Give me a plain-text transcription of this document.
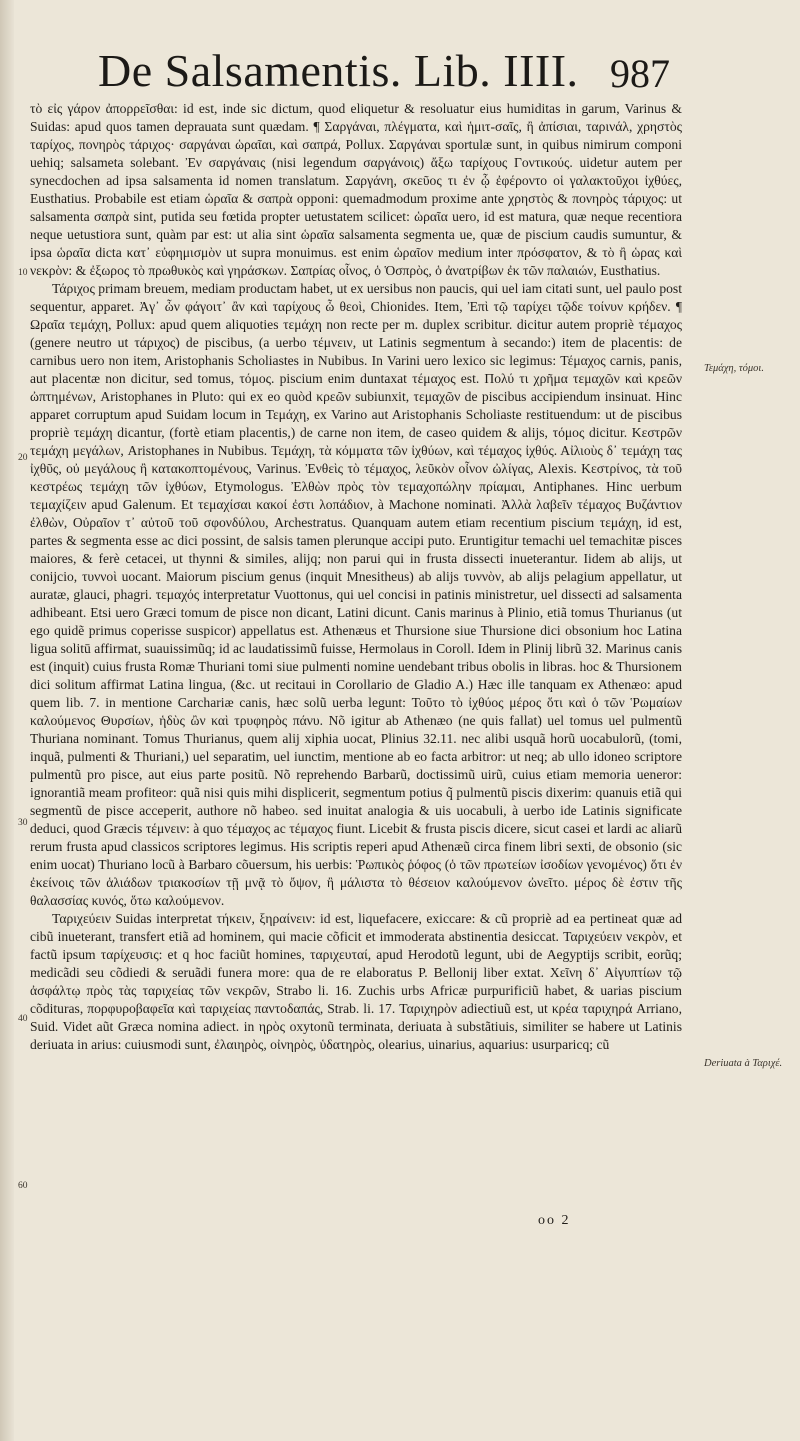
De Salsamentis. Lib. IIII. 987

τὸ εἰς γάρον ἀπορρεῖσθαι: id est, inde sic dictum, quod eliquetur & resoluatur eius humiditas in garum, Varinus & Suidas: apud quos tamen deprauata sunt quædam. ¶ Σαργάναι, πλέγματα, καὶ ἡμιτ-σαῖς, ἢ ἀπίσιαι, ταρινάλ, χρηστὸς ταρίχος, πονηρὸς τάριχος· σαργάναι ὡραῖαι, καὶ σαπρά, Pollux. Σαργάναι sportulæ sunt, in quibus nimirum componi uehiq; salsameta solebant. Ἐν σαργάναις (nisi legendum σαργάνοις) ἄξω ταρίχους Γοντικούς. uidetur autem per synecdochen ad ipsa salsamenta id nomen translatum. Σαργάνη, σκεῦος τι ἐν ᾧ ἐφέροντο οἱ γαλακτοῦχοι ἰχθύες, Eusthatius. Probabile est etiam ὡραῖα & σαπρὰ opponi: quemadmodum proxime ante χρηστὸς & πονηρὸς τάριχος: ut salsamenta σαπρὰ sint, putida seu fœtida propter uetustatem scilicet: ὡραῖα uero, id est matura, quæ neque recentiora neque uetustiora sunt, quàm par est: ut alia sint ὡραῖα salsamenta segmenta ue, quæ de piscium caudis sumuntur, & ipsa ὡραῖα dicta κατ᾽ εὐφημισμὸν ut supra monuimus. est enim ὡραῖον medium inter πρόσφατον, & τὸ ἢ ὡρας καὶ νεκρὸν: & ἐξωρος τὸ πρωθυκὸς καὶ γηράσκων. Σαπρίας οἶνος, ὁ Ὁσπρὸς, ὁ ἀνατρίβων ἐκ τῶν παλαιών, Eusthatius.

Τάριχος primam breuem, mediam productam habet, ut ex uersibus non paucis, qui uel iam citati sunt, uel paulo post sequentur, apparet. Ἀγ᾽ ὦν φάγοιτ᾽ ἂν καὶ ταρίχους ὦ θεοὶ, Chionides. Item, Ἐπὶ τῷ ταρίχει τῷδε τοίνυν κρήδεν. ¶ Ωραῖα τεμάχη, Pollux: apud quem aliquoties τεμάχη non recte per m. duplex scribitur. dicitur autem propriè τέμαχος (genere neutro ut τάριχος) de piscibus, (a uerbo τέμνειν, ut Latinis segmentum à secando:) item de placentis: de carnibus uero non item, Aristophanis Scholiastes in Nubibus. In Varini uero lexico sic legimus: Τέμαχος carnis, panis, aut placentæ non dicitur, sed tomus, τόμος. piscium enim duntaxat τέμαχος est. Πολύ τι χρῆμα τεμαχῶν καὶ κρεῶν ὠπτημένων, Aristophanes in Pluto: qui ex eo quòd κρεῶν subiunxit, τεμαχῶν de piscibus accipiendum insinuat. Hinc apparet corruptum apud Suidam locum in Τεμάχη, ex Varino aut Aristophanis Scholiaste restituendum: ut de piscibus propriè τεμάχη dicantur, (fortè etiam placentis,) de carne non item, de caseo quidem & alijs, τόμος dicitur. Κεστρῶν τεμάχη μεγάλων, Aristophanes in Nubibus. Τεμάχη, τὰ κόμματα τῶν ἰχθύων, καὶ τέμαχος ἰχθύς. Αἰλιοὺς δ᾽ τεμάχη τας ἰχθῦς, οὐ μεγάλους ἢ κατακοπτομένους, Varinus. Ἐνθεὶς τὸ τέμαχος, λεῦκὸν οἶνον ὠλίγας, Alexis. Κεστρίνος, τὰ τοῦ κεστρέως τεμάχη τῶν ἰχθύων, Etymologus. Ἐλθὼν πρὸς τὸν τεμαχοπώλην πρίαμαι, Antiphanes. Hinc uerbum τεμαχίζειν apud Galenum. Et τεμαχίσαι κακοί ἐστι λοπάδιον, à Machone nominati. Ἀλλὰ λαβεῖν τέμαχος Βυζάντιον ἐλθὼν, Οὐραῖον τ᾽ αὐτοῦ τοῦ σφονδύλου, Archestratus. Quanquam autem etiam recentium piscium τεμάχη, id est, partes & segmenta esse ac dici possint, de salsis tamen plerunque accipi puto. Eruntigitur temachi uel temachitæ pisces maiores, & ferè cetacei, ut thynni & similes, alijq; non parui qui in frusta dissecti inueterantur. Iidem ab alijs, ut conijcio, τυννοὶ uocant. Maiorum piscium genus (inquit Mnesitheus) ab alijs τυννὸν, ab alijs pelagium appellatur, ut auratæ, glauci, phagri. τεμαχός interpretatur Vuottonus, qui uel concisi in patinis ministretur, uel dissecti ad salsamenta adhibeant. Etsi uero Græci tomum de pisce non dicant, Latini dicunt. Canis marinus à Plinio, etiã tomus Thurianus (ut ego quidẽ primus coperisse suspicor) appellatus est. Athenæus et Thursione siue Thursione dici obsonium hoc Latina ligua solitū affirmat, suauissimũq; id ac laudatissimũ fuisse, Hermolaus in Coroll. Idem in Plinij librũ 32. Marinus canis est (inquit) cuius frusta Romæ Thuriani tomi siue pulmenti nomine uendebant tribus obolis in libras. hoc & Thursionem dici solitum affirmat Latina lingua, (&c. ut recitaui in Corollario de Gladio A.) Hæc ille tanquam ex Athenæo: apud quem lib. 7. in mentione Carchariæ canis, hæc solũ uerba legunt: Τοῦτο τὸ ἰχθύος μέρος ὅτι καὶ ὁ τῶν Ῥωμαίων καλούμενος Θυρσίων, ἡδὺς ὢν καὶ τρυφηρὸς πάνυ. Nõ igitur ab Athenæo (ne quis fallat) uel tomus uel pulmentũ Thuriana nominant. Tomus Thurianus, quem alij xiphia uocat, Plinius 32.11. nec alibi usquã horũ uocabulorũ, (tomi, inquã, pulmenti & Thuriani,) uel separatim, uel iunctim, mentione ab eo facta arbitror: ut neq; ab ullo idoneo scriptore pulmentũ pro pisce, aut eius parte positũ. Nõ reprehendo Barbarũ, doctissimũ uirũ, cuius etiam memoria ueneror: ignorantiã meam profiteor: quã nisi quis mihi displicerit, segmentum potius q̃ pulmentũ piscis dixerim: quanuis etiã qui segmentũ de pisce acceperit, authore nõ habeo. sed inuitat analogia & uis uocabuli, à uerbo ide Latinis significate deduci, quod Græcis τέμνειν: à quo τέμαχος ac τέμαχος fiunt. Licebit & frusta piscis dicere, sicut casei et lardi ac aliarũ rerum frusta apud classicos scriptores legimus. His scriptis reperi apud Athenæũ circa finem libri sexti, de obsonio (sic enim uocat) Thuriano locũ à Barbaro cõuersum, his uerbis: Ῥωπικὸς ῥόφος (ὁ τῶν πρωτείων ἰσοδίων γενομένος) ὅτι ἐν ἐκείνοις τῶν ἁλιάδων τριακοσίων τῇ μνᾷ τὸ ὄψον, ἢ μάλιστα τὸ θέσειον καλούμενον ὠνεῖτο. μέρος δὲ ἐστιν τῆς θαλασσίας κυνός, ὅτω καλούμενον.

Ταριχεύειν Suidas interpretat τήκειν, ξηραίνειν: id est, liquefacere, exiccare: & cũ propriè ad ea pertineat quæ ad cibũ inueterant, transfert etiã ad hominem, qui macie cõficit et immoderata abstinentia desiccat. Ταριχεύειν νεκρὸν, et factũ ipsum ταρίχευσις: et q hoc faciũt homines, ταριχευταί, apud Herodotũ legunt, ubi de Aegyptijs scribit, eorũq; medicãdi seu cõdiedi & seruãdi funera more: qua de re elaboratus P. Bellonij liber extat. Χεῖνη δ᾽ Αἰγυπτίων τῷ ἀσφάλτῳ πρὸς τὰς ταριχείας τῶν νεκρῶν, Strabo li. 16. Zuchis urbs Africæ purpurificiũ habet, & uarias piscium cõdituras, πορφυροβαφεῖα καὶ ταριχείας παντοδαπάς, Strab. li. 17. Ταριχηρὸν adiectiuũ est, ut κρέα ταριχηρά Arriano, Suid. Videt aũt Græca nomina adiect. in ηρὸς oxytonũ terminata, deriuata à substãtiuis, similiter se habere ut Latinis deriuata in arius: cuiusmodi sunt, ἐλαιηρὸς, οἰνηρὸς, ὑδατηρὸς, olearius, uinarius, aquarius: usurparicq; cũ

Τεμάχη, τόμοι.
Deriuata à Ταριχέ.
10
20
30
40
60
oo 2
